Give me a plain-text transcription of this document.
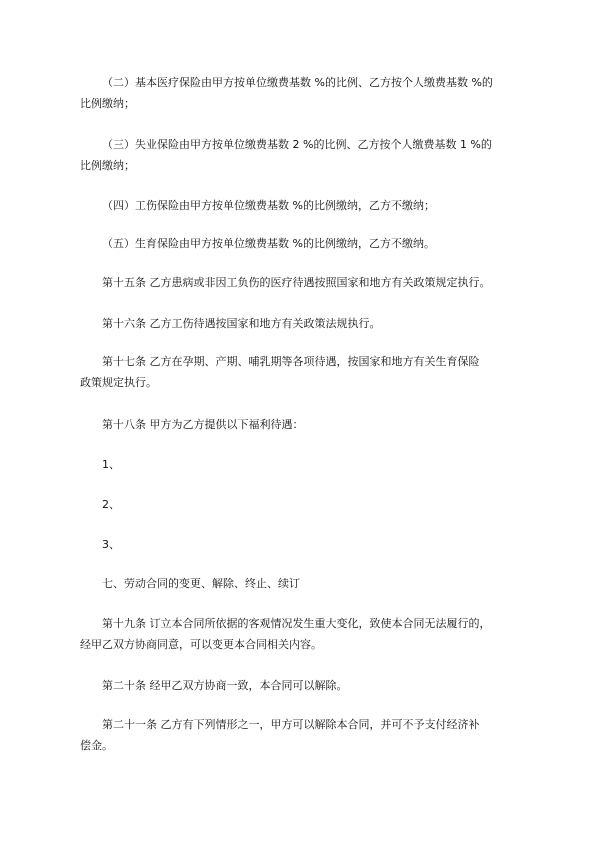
（二）基本医疗保险由甲方按单位缴费基数 %的比例、乙方按个人缴费基数 %的
比例缴纳；
（三）失业保险由甲方按单位缴费基数 2 %的比例、乙方按个人缴费基数 1 %的
比例缴纳；
（四）工伤保险由甲方按单位缴费基数 %的比例缴纳，乙方不缴纳；
（五）生育保险由甲方按单位缴费基数 %的比例缴纳，乙方不缴纳。
第十五条 乙方患病或非因工负伤的医疗待遇按照国家和地方有关政策规定执行。
第十六条 乙方工伤待遇按国家和地方有关政策法规执行。
第十七条 乙方在孕期、产期、哺乳期等各项待遇，按国家和地方有关生育保险
政策规定执行。
第十八条 甲方为乙方提供以下福利待遇：
1、
2、
3、
七、劳动合同的变更、解除、终止、续订
第十九条 订立本合同所依据的客观情况发生重大变化，致使本合同无法履行的，
经甲乙双方协商同意，可以变更本合同相关内容。
第二十条 经甲乙双方协商一致，本合同可以解除。
第二十一条 乙方有下列情形之一，甲方可以解除本合同，并可不予支付经济补
偿金。
